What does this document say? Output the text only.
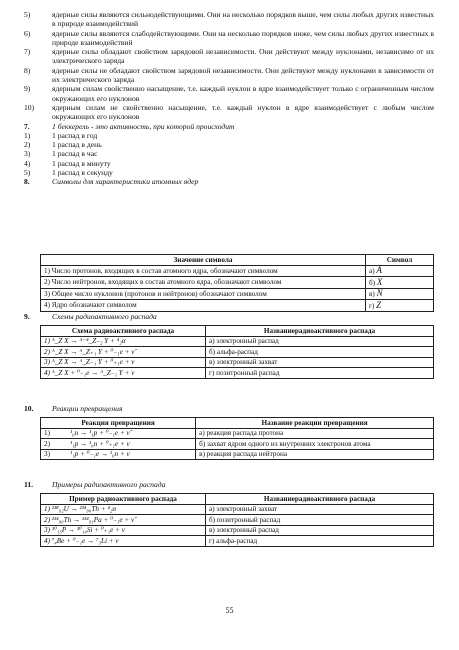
5)	ядерные силы являются сильнодействующими. Они на несколько порядков выше, чем силы любых других известных в природе взаимодействий
6)	ядерные силы являются слабодействующими. Они на несколько порядков ниже, чем силы любых других известных в природе взаимодействий
7)	ядерные силы обладают свойством зарядовой независимости. Они действуют между нуклонами, независимо от их электрического заряда
8)	ядерные силы не обладают свойством зарядовой независимости. Они действуют между нуклонами в зависимости от их электрического заряда
9)	ядерным силам свойственно насыщение, т.е. каждый нуклон в ядре взаимодействует только с ограниченным числом окружающих его нуклонов
10)	ядерным силам не свойственно насыщение, т.е. каждый нуклон в ядре взаимодействует с любым числом окружающих его нуклонов
7.	1 беккерель - это активность, при которой происходит
1)	1 распад в год
2)	1 распад в день
3)	1 распад в час
4)	1 распад в минуту
5)	1 распад в секунду
8.	Символы для характеристики атомных ядер
Значение символа	Символ
1) Число протонов, входящих в состав атомного ядра, обозначают символом	а) A
2) Число нейтронов, входящих в состав атомного ядра, обозначают символом	б) X
3) Общее число нуклонов (протонов и нейтронов) обозначают символом	в) N
4) Ядро обозначают символом	г) Z
9.	Схемы радиоактивного распада
Схема радиоактивного распада	Названиерадиоактивного распада
1) ᴬ_Z X → ᴬ⁻⁴_Z₋₂ Y + ⁴₂α	а) электронный распад
2) ᴬ_Z X → ᴬ_Z₊₁ Y + ⁰₋₁e + ν̃	б) альфа-распад
3) ᴬ_Z X → ᴬ_Z₋₁ Y + ⁰₊₁e + ν	в) электронный захват
4) ᴬ_Z X + ⁰₋₁e → ᴬ_Z₋₁ Y + ν	г) позитронный распад
10.	Реакции превращения
Реакция превращения		Название реакции превращения
1)	¹₀n → ¹₁p + ⁰₋₁e + ν̃	а) реакция распада протона
2)	¹₁p → ¹₀n + ⁰₊₁e + ν	б) захват ядром одного из внутренних электронов атома
3)	¹₁p + ⁰₋₁e → ¹₀n + ν	в) реакция распада нейтрона
11.	Примеры радиоактивного распада
Пример радиоактивного распада	Названиерадиоактивного распада
1) ²³⁸₉₂U → ²³⁴₉₀Th + ⁴₂α	а) электронный захват
2) ²³⁴₉₀Th → ²³⁴₉₁Pa + ⁰₋₁e + ν̃	б) позитронный распад
3) ³⁰₁₅P → ³⁰₁₄Si + ⁰₊₁e + ν	в) электронный распад
4) ⁷₄Be + ⁰₋₁e → ⁷₃Li + ν	г) альфа-распад
55
